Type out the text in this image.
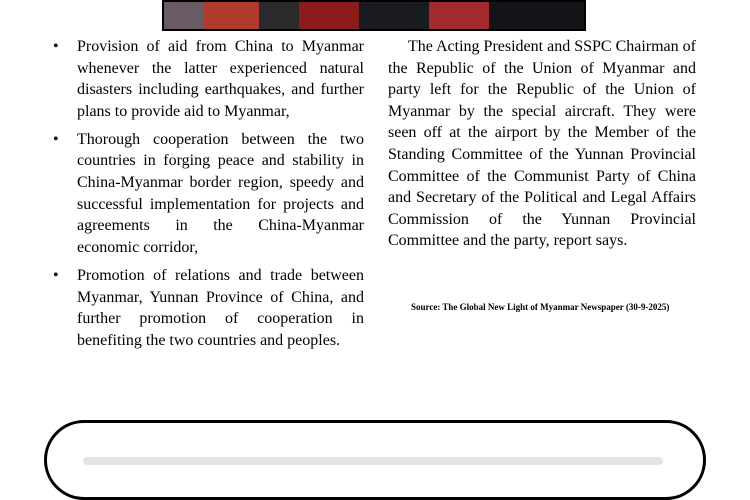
• Provision of aid from China to Myanmar whenever the latter experienced natural disasters including earthquakes, and further plans to provide aid to Myanmar,
• Thorough cooperation between the two countries in forging peace and stability in China-Myanmar border region, speedy and successful implementation for projects and agreements in the China-Myanmar economic corridor,
• Promotion of relations and trade between Myanmar, Yunnan Province of China, and further promotion of cooperation in benefiting the two countries and peoples.

The Acting President and SSPC Chairman of the Republic of the Union of Myanmar and party left for the Republic of the Union of Myanmar by the special aircraft. They were seen off at the airport by the Member of the Standing Committee of the Yunnan Provincial Committee of the Communist Party of China and Secretary of the Political and Legal Affairs Commission of the Yunnan Provincial Committee and the party, report says.

Source: The Global New Light of Myanmar Newspaper (30-9-2025)
